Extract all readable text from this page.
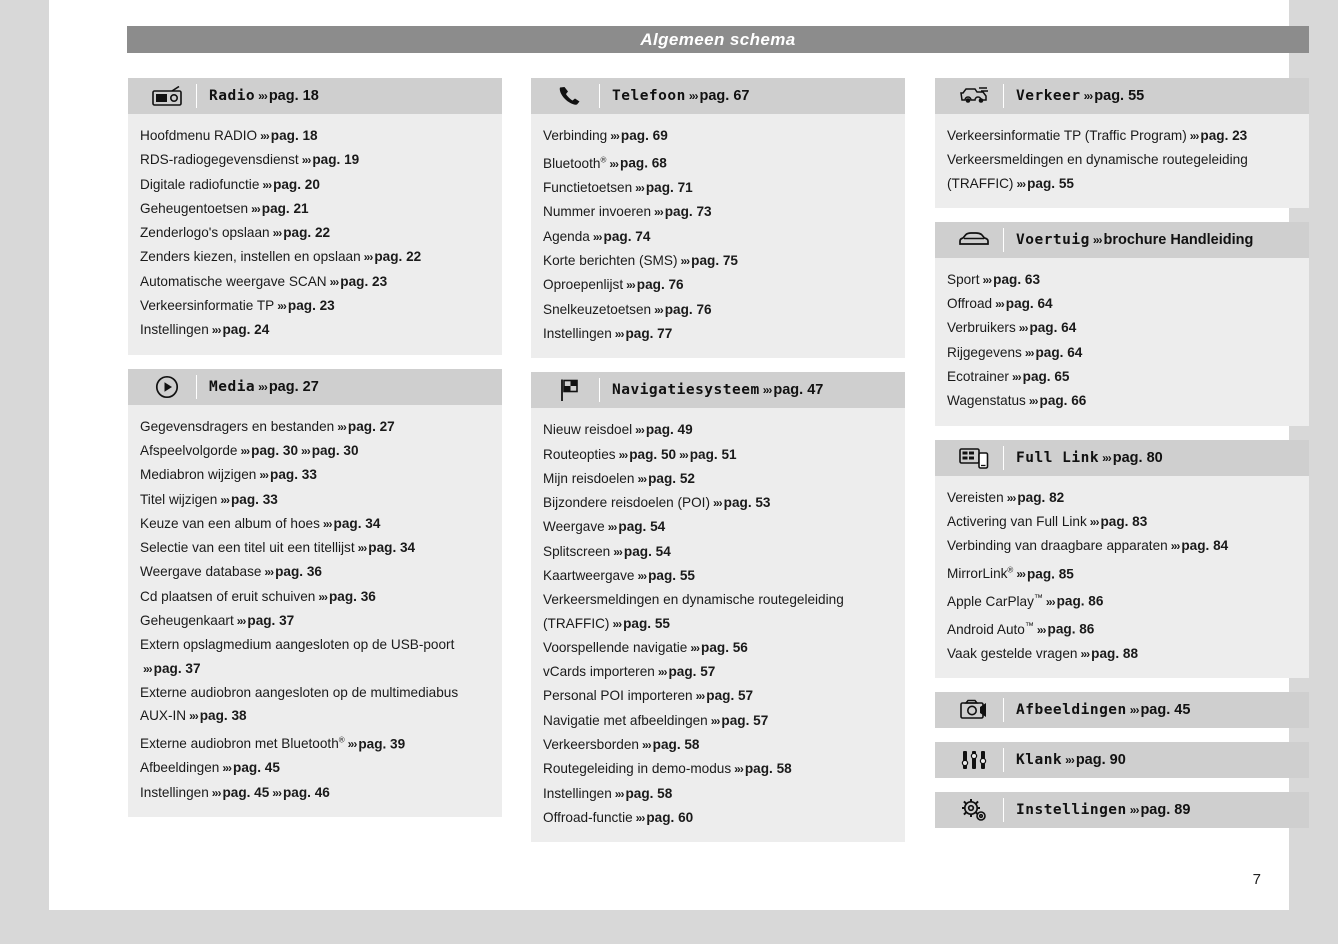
Algemeen schema
Radio »› pag. 18
Hoofdmenu RADIO »› pag. 18
RDS-radiogegevensdienst »› pag. 19
Digitale radiofunctie »› pag. 20
Geheugentoetsen »› pag. 21
Zenderlogo's opslaan »› pag. 22
Zenders kiezen, instellen en opslaan »› pag. 22
Automatische weergave SCAN »› pag. 23
Verkeersinformatie TP »› pag. 23
Instellingen »› pag. 24
Media »› pag. 27
Gegevensdragers en bestanden »› pag. 27
Afspeelvolgorde »› pag. 30 »› pag. 30
Mediabron wijzigen »› pag. 33
Titel wijzigen »› pag. 33
Keuze van een album of hoes »› pag. 34
Selectie van een titel uit een titellijst »› pag. 34
Weergave database »› pag. 36
Cd plaatsen of eruit schuiven »› pag. 36
Geheugenkaart »› pag. 37
Extern opslagmedium aangesloten op de USB-poort
»› pag. 37
Externe audiobron aangesloten op de multimediabus AUX-IN »› pag. 38
Externe audiobron met Bluetooth® »› pag. 39
Afbeeldingen »› pag. 45
Instellingen »› pag. 45 »› pag. 46
Telefoon »› pag. 67
Verbinding »› pag. 69
Bluetooth® »› pag. 68
Functietoetsen »› pag. 71
Nummer invoeren »› pag. 73
Agenda »› pag. 74
Korte berichten (SMS) »› pag. 75
Oproepenlijst »› pag. 76
Snelkeuzetoetsen »› pag. 76
Instellingen »› pag. 77
Navigatiesysteem »› pag. 47
Nieuw reisdoel »› pag. 49
Routeopties »› pag. 50 »› pag. 51
Mijn reisdoelen »› pag. 52
Bijzondere reisdoelen (POI) »› pag. 53
Weergave »› pag. 54
Splitscreen »› pag. 54
Kaartweergave »› pag. 55
Verkeersmeldingen en dynamische routegeleiding (TRAFFIC) »› pag. 55
Voorspellende navigatie »› pag. 56
vCards importeren »› pag. 57
Personal POI importeren »› pag. 57
Navigatie met afbeeldingen »› pag. 57
Verkeersborden »› pag. 58
Routegeleiding in demo-modus »› pag. 58
Instellingen »› pag. 58
Offroad-functie »› pag. 60
Verkeer »› pag. 55
Verkeersinformatie TP (Traffic Program) »› pag. 23
Verkeersmeldingen en dynamische routegeleiding (TRAFFIC) »› pag. 55
Voertuig »› brochure Handleiding
Sport »› pag. 63
Offroad »› pag. 64
Verbruikers »› pag. 64
Rijgegevens »› pag. 64
Ecotrainer »› pag. 65
Wagenstatus »› pag. 66
Full Link »› pag. 80
Vereisten »› pag. 82
Activering van Full Link »› pag. 83
Verbinding van draagbare apparaten »› pag. 84
MirrorLink® »› pag. 85
Apple CarPlay™ »› pag. 86
Android Auto™ »› pag. 86
Vaak gestelde vragen »› pag. 88
Afbeeldingen »› pag. 45
Klank »› pag. 90
Instellingen »› pag. 89
7
